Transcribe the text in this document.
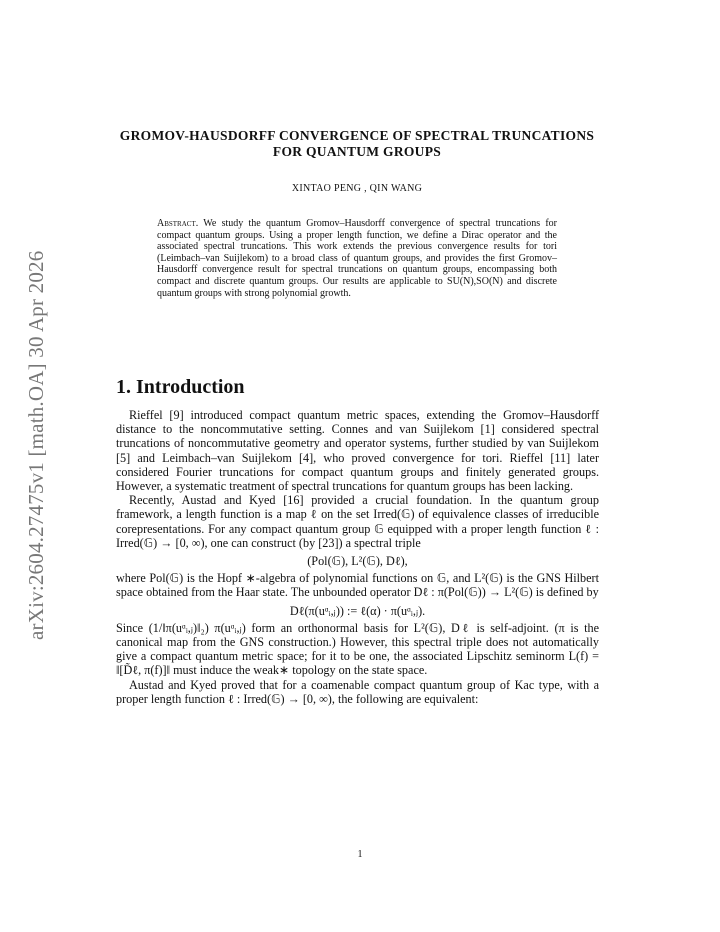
arXiv:2604.27475v1 [math.OA] 30 Apr 2026
GROMOV-HAUSDORFF CONVERGENCE OF SPECTRAL TRUNCATIONS FOR QUANTUM GROUPS
XINTAO PENG , QIN WANG
Abstract. We study the quantum Gromov–Hausdorff convergence of spectral truncations for compact quantum groups. Using a proper length function, we define a Dirac operator and the associated spectral truncations. This work extends the previous convergence results for tori (Leimbach–van Suijlekom) to a broad class of quantum groups, and provides the first Gromov–Hausdorff convergence result for spectral truncations on quantum groups, encompassing both compact and discrete quantum groups. Our results are applicable to SU(N),SO(N) and discrete quantum groups with strong polynomial growth.
1. Introduction

Rieffel [9] introduced compact quantum metric spaces, extending the Gromov–Hausdorff distance to the noncommutative setting. Connes and van Suijlekom [1] considered spectral truncations of noncommutative geometry and operator systems, further studied by van Suijlekom [5] and Leimbach–van Suijlekom [4], who proved convergence for tori. Rieffel [11] later considered Fourier truncations for compact quantum groups and finitely generated groups. However, a systematic treatment of spectral truncations for quantum groups has been lacking.

Recently, Austad and Kyed [16] provided a crucial foundation. In the quantum group framework, a length function is a map ℓ on the set Irred(𝔾) of equivalence classes of irreducible corepresentations. For any compact quantum group 𝔾 equipped with a proper length function ℓ : Irred(𝔾) → [0, ∞), one can construct (by [23]) a spectral triple

(Pol(𝔾), L²(𝔾), Dℓ),

where Pol(𝔾) is the Hopf ∗-algebra of polynomial functions on 𝔾, and L²(𝔾) is the GNS Hilbert space obtained from the Haar state. The unbounded operator Dℓ : π(Pol(𝔾)) → L²(𝔾) is defined by

Dℓ(π(uᵅᵢ,ⱼ)) := ℓ(α) · π(uᵅᵢ,ⱼ).

Since (1/‖π(uᵅᵢ,ⱼ)‖₂) π(uᵅᵢ,ⱼ) form an orthonormal basis for L²(𝔾), Dℓ is self-adjoint. (π is the canonical map from the GNS construction.) However, this spectral triple does not automatically give a compact quantum metric space; for it to be one, the associated Lipschitz seminorm L(f) = ‖[D̃ℓ, π(f)]‖ must induce the weak∗ topology on the state space.

Austad and Kyed proved that for a coamenable compact quantum group of Kac type, with a proper length function ℓ : Irred(𝔾) → [0, ∞), the following are equivalent:

1
